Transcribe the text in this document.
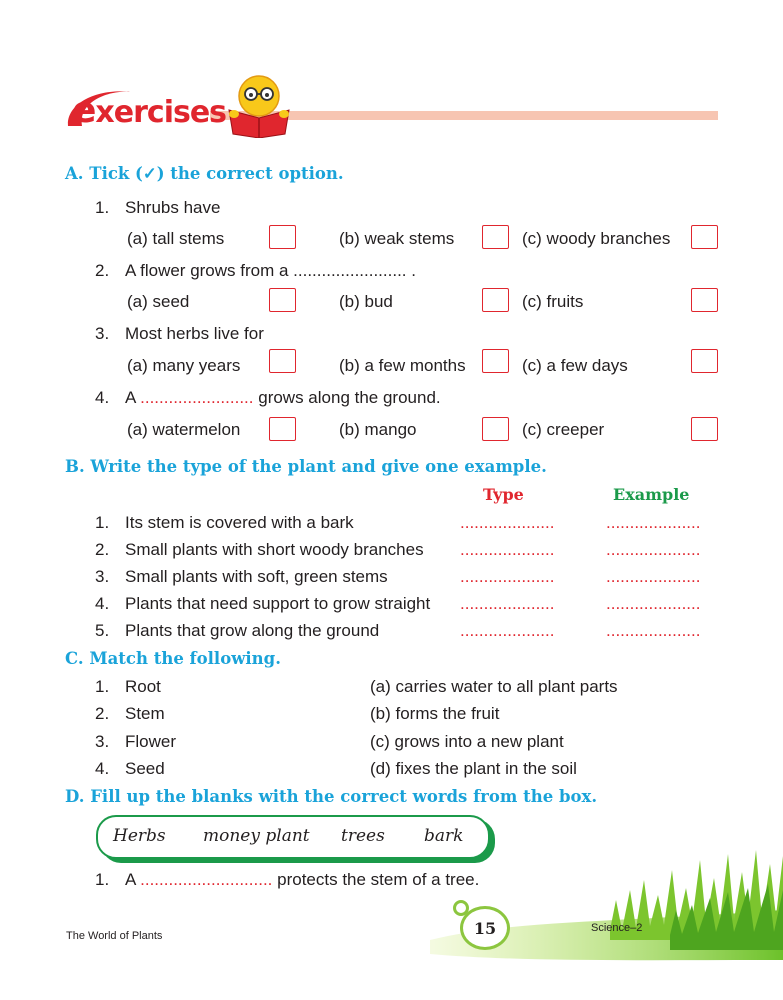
exercises
A. Tick (✓) the correct option.
1. Shrubs have
(a) tall stems	(b) weak stems	(c) woody branches
2. A flower grows from a ........................ .
(a) seed	(b) bud	(c) fruits
3. Most herbs live for
(a) many years	(b) a few months	(c) a few days
4. A ........................ grows along the ground.
(a) watermelon	(b) mango	(c) creeper
B. Write the type of the plant and give one example.
Type	Example
1. Its stem is covered with a bark	....................	....................
2. Small plants with short woody branches ....................	....................
3. Small plants with soft, green stems	....................	....................
4. Plants that need support to grow straight ....................	....................
5. Plants that grow along the ground	....................	....................
C. Match the following.
1. Root	(a) carries water to all plant parts
2. Stem	(b) forms the fruit
3. Flower	(c) grows into a new plant
4. Seed	(d) fixes the plant in the soil
D. Fill up the blanks with the correct words from the box.
Herbs money plant trees bark
1. A ............................ protects the stem of a tree.
15
The World of Plants
Science–2
